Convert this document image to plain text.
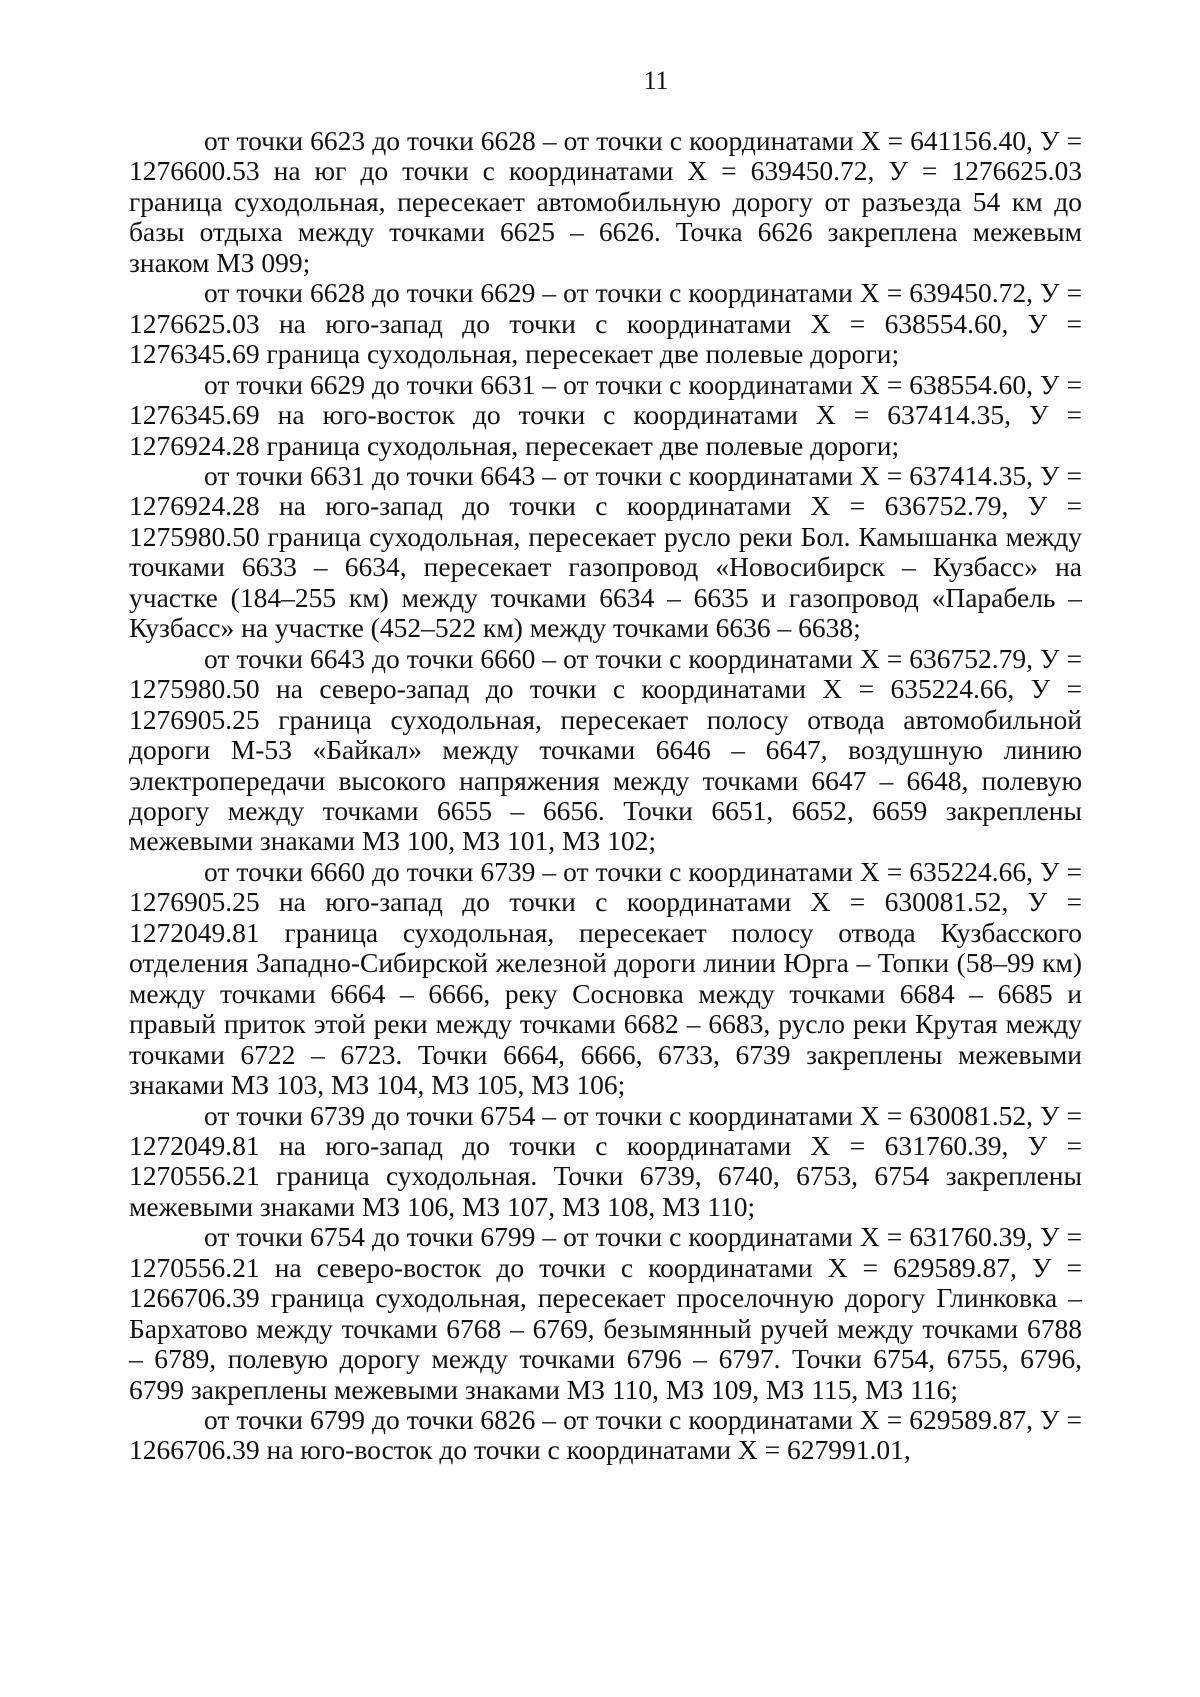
11

от точки 6623 до точки 6628 – от точки с координатами Х = 641156.40, У = 1276600.53 на юг до точки с координатами Х = 639450.72, У = 1276625.03 граница суходольная, пересекает автомобильную дорогу от разъезда 54 км до базы отдыха между точками 6625 – 6626. Точка 6626 закреплена межевым знаком МЗ 099;

от точки 6628 до точки 6629 – от точки с координатами Х = 639450.72, У = 1276625.03 на юго-запад до точки с координатами Х = 638554.60, У = 1276345.69 граница суходольная, пересекает две полевые дороги;

от точки 6629 до точки 6631 – от точки с координатами Х = 638554.60, У = 1276345.69 на юго-восток до точки с координатами Х = 637414.35, У = 1276924.28 граница суходольная, пересекает две полевые дороги;

от точки 6631 до точки 6643 – от точки с координатами Х = 637414.35, У = 1276924.28 на юго-запад до точки с координатами Х = 636752.79, У = 1275980.50 граница суходольная, пересекает русло реки Бол. Камышанка между точками 6633 – 6634, пересекает газопровод «Новосибирск – Кузбасс» на участке (184–255 км) между точками 6634 – 6635 и газопровод «Парабель – Кузбасс» на участке (452–522 км) между точками 6636 – 6638;

от точки 6643 до точки 6660 – от точки с координатами Х = 636752.79, У = 1275980.50 на северо-запад до точки с координатами Х = 635224.66, У = 1276905.25 граница суходольная, пересекает полосу отвода автомобильной дороги М-53 «Байкал» между точками 6646 – 6647, воздушную линию электропередачи высокого напряжения между точками 6647 – 6648, полевую дорогу между точками 6655 – 6656. Точки 6651, 6652, 6659 закреплены межевыми знаками МЗ 100, МЗ 101, МЗ 102;

от точки 6660 до точки 6739 – от точки с координатами Х = 635224.66, У = 1276905.25 на юго-запад до точки с координатами Х = 630081.52, У = 1272049.81 граница суходольная, пересекает полосу отвода Кузбасского отделения Западно-Сибирской железной дороги линии Юрга – Топки (58–99 км) между точками 6664 – 6666, реку Сосновка между точками 6684 – 6685 и правый приток этой реки между точками 6682 – 6683, русло реки Крутая между точками 6722 – 6723. Точки 6664, 6666, 6733, 6739 закреплены межевыми знаками МЗ 103, МЗ 104, МЗ 105, МЗ 106;

от точки 6739 до точки 6754 – от точки с координатами Х = 630081.52, У = 1272049.81 на юго-запад до точки с координатами Х = 631760.39, У = 1270556.21 граница суходольная. Точки 6739, 6740, 6753, 6754 закреплены межевыми знаками МЗ 106, МЗ 107, МЗ 108, МЗ 110;

от точки 6754 до точки 6799 – от точки с координатами Х = 631760.39, У = 1270556.21 на северо-восток до точки с координатами Х = 629589.87, У = 1266706.39 граница суходольная, пересекает проселочную дорогу Глинковка – Бархатово между точками 6768 – 6769, безымянный ручей между точками 6788 – 6789, полевую дорогу между точками 6796 – 6797. Точки 6754, 6755, 6796, 6799 закреплены межевыми знаками МЗ 110, МЗ 109, МЗ 115, МЗ 116;

от точки 6799 до точки 6826 – от точки с координатами Х = 629589.87, У = 1266706.39 на юго-восток до точки с координатами Х = 627991.01,
